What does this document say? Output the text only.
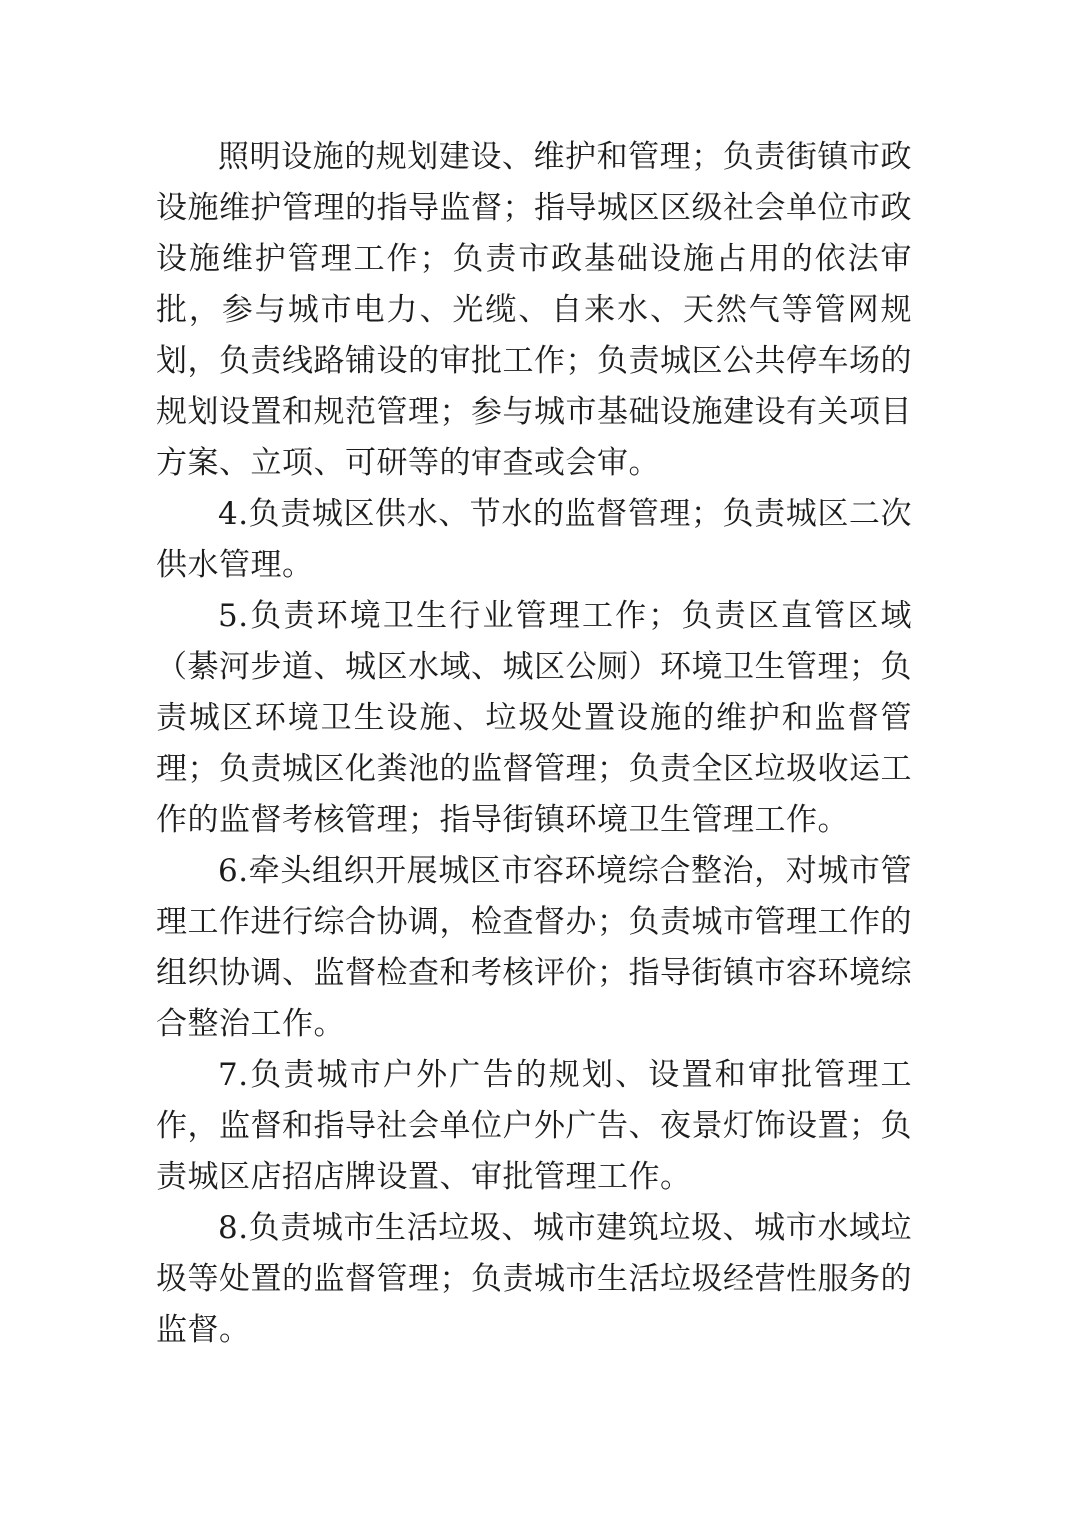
照明设施的规划建设、维护和管理；负责街镇市政设施维护管理的指导监督；指导城区区级社会单位市政设施维护管理工作；负责市政基础设施占用的依法审批，参与城市电力、光缆、自来水、天然气等管网规划，负责线路铺设的审批工作；负责城区公共停车场的规划设置和规范管理；参与城市基础设施建设有关项目方案、立项、可研等的审查或会审。

4.负责城区供水、节水的监督管理；负责城区二次供水管理。

5.负责环境卫生行业管理工作；负责区直管区域（綦河步道、城区水域、城区公厕）环境卫生管理；负责城区环境卫生设施、垃圾处置设施的维护和监督管理；负责城区化粪池的监督管理；负责全区垃圾收运工作的监督考核管理；指导街镇环境卫生管理工作。

6.牵头组织开展城区市容环境综合整治，对城市管理工作进行综合协调，检查督办；负责城市管理工作的组织协调、监督检查和考核评价；指导街镇市容环境综合整治工作。

7.负责城市户外广告的规划、设置和审批管理工作，监督和指导社会单位户外广告、夜景灯饰设置；负责城区店招店牌设置、审批管理工作。

8.负责城市生活垃圾、城市建筑垃圾、城市水域垃圾等处置的监督管理；负责城市生活垃圾经营性服务的监督。
